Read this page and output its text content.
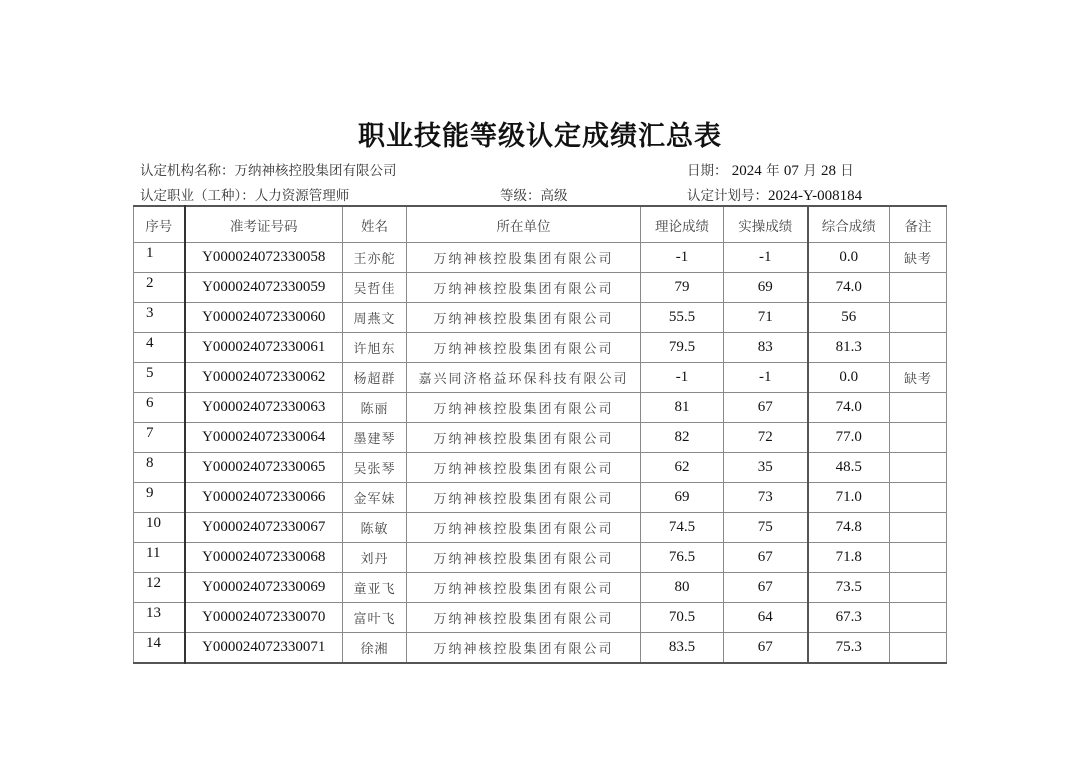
职业技能等级认定成绩汇总表
认定机构名称：万纳神核控股集团有限公司	日期： 2024 年 07 月 28 日
认定职业（工种）：人力资源管理师	等级：高级	认定计划号：2024-Y-008184
序号	准考证号码	姓名	所在单位	理论成绩	实操成绩	综合成绩	备注
1	Y000024072330058	王亦舵	万纳神核控股集团有限公司	-1	-1	0.0	缺考
2	Y000024072330059	吴哲佳	万纳神核控股集团有限公司	79	69	74.0	
3	Y000024072330060	周燕文	万纳神核控股集团有限公司	55.5	71	56	
4	Y000024072330061	许旭东	万纳神核控股集团有限公司	79.5	83	81.3	
5	Y000024072330062	杨超群	嘉兴同济格益环保科技有限公司	-1	-1	0.0	缺考
6	Y000024072330063	陈丽	万纳神核控股集团有限公司	81	67	74.0	
7	Y000024072330064	墨建琴	万纳神核控股集团有限公司	82	72	77.0	
8	Y000024072330065	吴张琴	万纳神核控股集团有限公司	62	35	48.5	
9	Y000024072330066	金军妹	万纳神核控股集团有限公司	69	73	71.0	
10	Y000024072330067	陈敏	万纳神核控股集团有限公司	74.5	75	74.8	
11	Y000024072330068	刘丹	万纳神核控股集团有限公司	76.5	67	71.8	
12	Y000024072330069	童亚飞	万纳神核控股集团有限公司	80	67	73.5	
13	Y000024072330070	富叶飞	万纳神核控股集团有限公司	70.5	64	67.3	
14	Y000024072330071	徐湘	万纳神核控股集团有限公司	83.5	67	75.3	
